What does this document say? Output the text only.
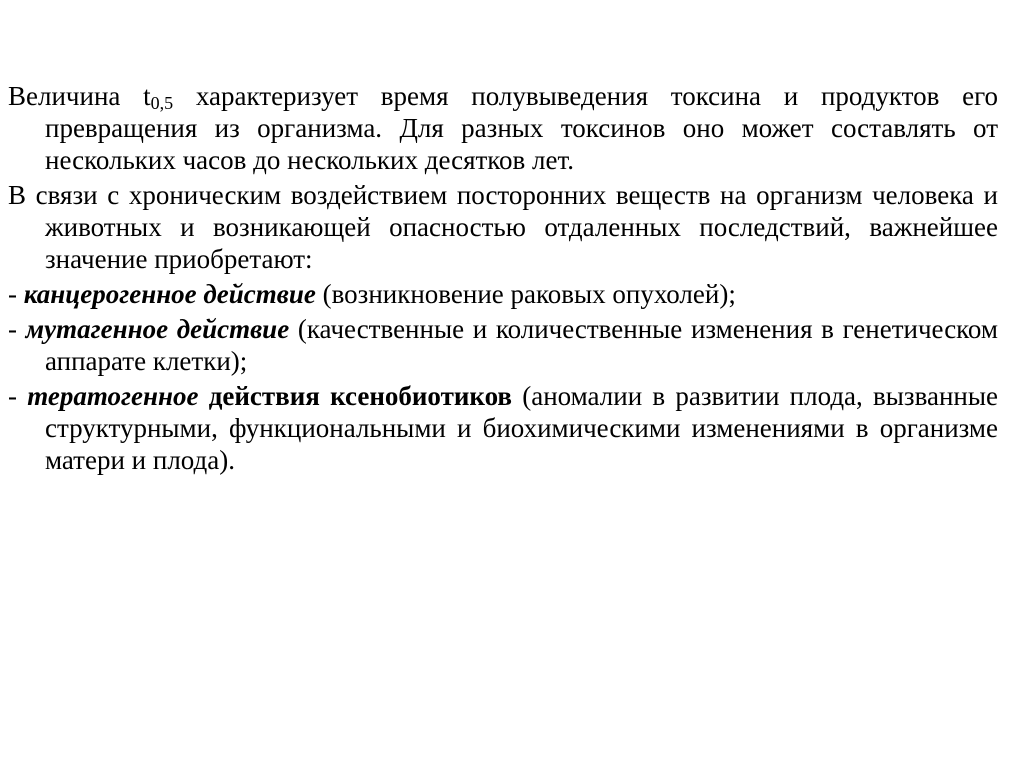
Величина $t_{0,5}$ характеризует время полувыведения токсина и продуктов его превращения из организма. Для разных токсинов оно может составлять от нескольких часов до нескольких десятков лет.

В связи с хроническим воздействием посторонних веществ на организм человека и животных и возникающей опасностью отдаленных последствий, важнейшее значение приобретают:

- канцерогенное действие (возникновение раковых опухолей);

- мутагенное действие (качественные и количественные изменения в генетическом аппарате клетки);

- тератогенное действия ксенобиотиков (аномалии в развитии плода, вызванные структурными, функциональными и биохимическими изменениями в организме матери и плода).
